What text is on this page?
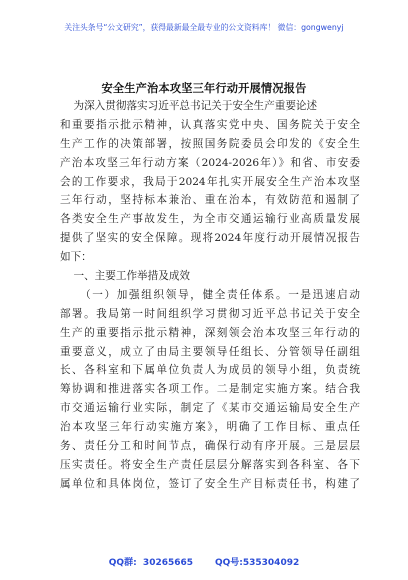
关注头条号“公文研究”，获得最新最全最专业的公文资料库！ 微信：gongwenyj
安全生产治本攻坚三年行动开展情况报告
为深入贯彻落实习近平总书记关于安全生产重要论述
和重要指示批示精神，认真落实党中央、国务院关于安全
生产工作的决策部署，按照国务院委员会印发的《安全生
产治本攻坚三年行动方案（2024-2026年）》和省、市安委
会的工作要求，我局于2024年扎实开展安全生产治本攻坚
三年行动，坚持标本兼治、重在治本，有效防范和遏制了
各类安全生产事故发生，为全市交通运输行业高质量发展
提供了坚实的安全保障。现将2024年度行动开展情况报告
如下：
一、主要工作举措及成效
（一）加强组织领导，健全责任体系。一是迅速启动
部署。我局第一时间组织学习贯彻习近平总书记关于安全
生产的重要指示批示精神，深刻领会治本攻坚三年行动的
重要意义，成立了由局主要领导任组长、分管领导任副组
长、各科室和下属单位负责人为成员的领导小组，负责统
筹协调和推进落实各项工作。二是制定实施方案。结合我
市交通运输行业实际，制定了《某市交通运输局安全生产
治本攻坚三年行动实施方案》，明确了工作目标、重点任
务、责任分工和时间节点，确保行动有序开展。三是层层
压实责任。将安全生产责任层层分解落实到各科室、各下
属单位和具体岗位，签订了安全生产目标责任书，构建了
QQ群:  30265665       QQ号:535304092
